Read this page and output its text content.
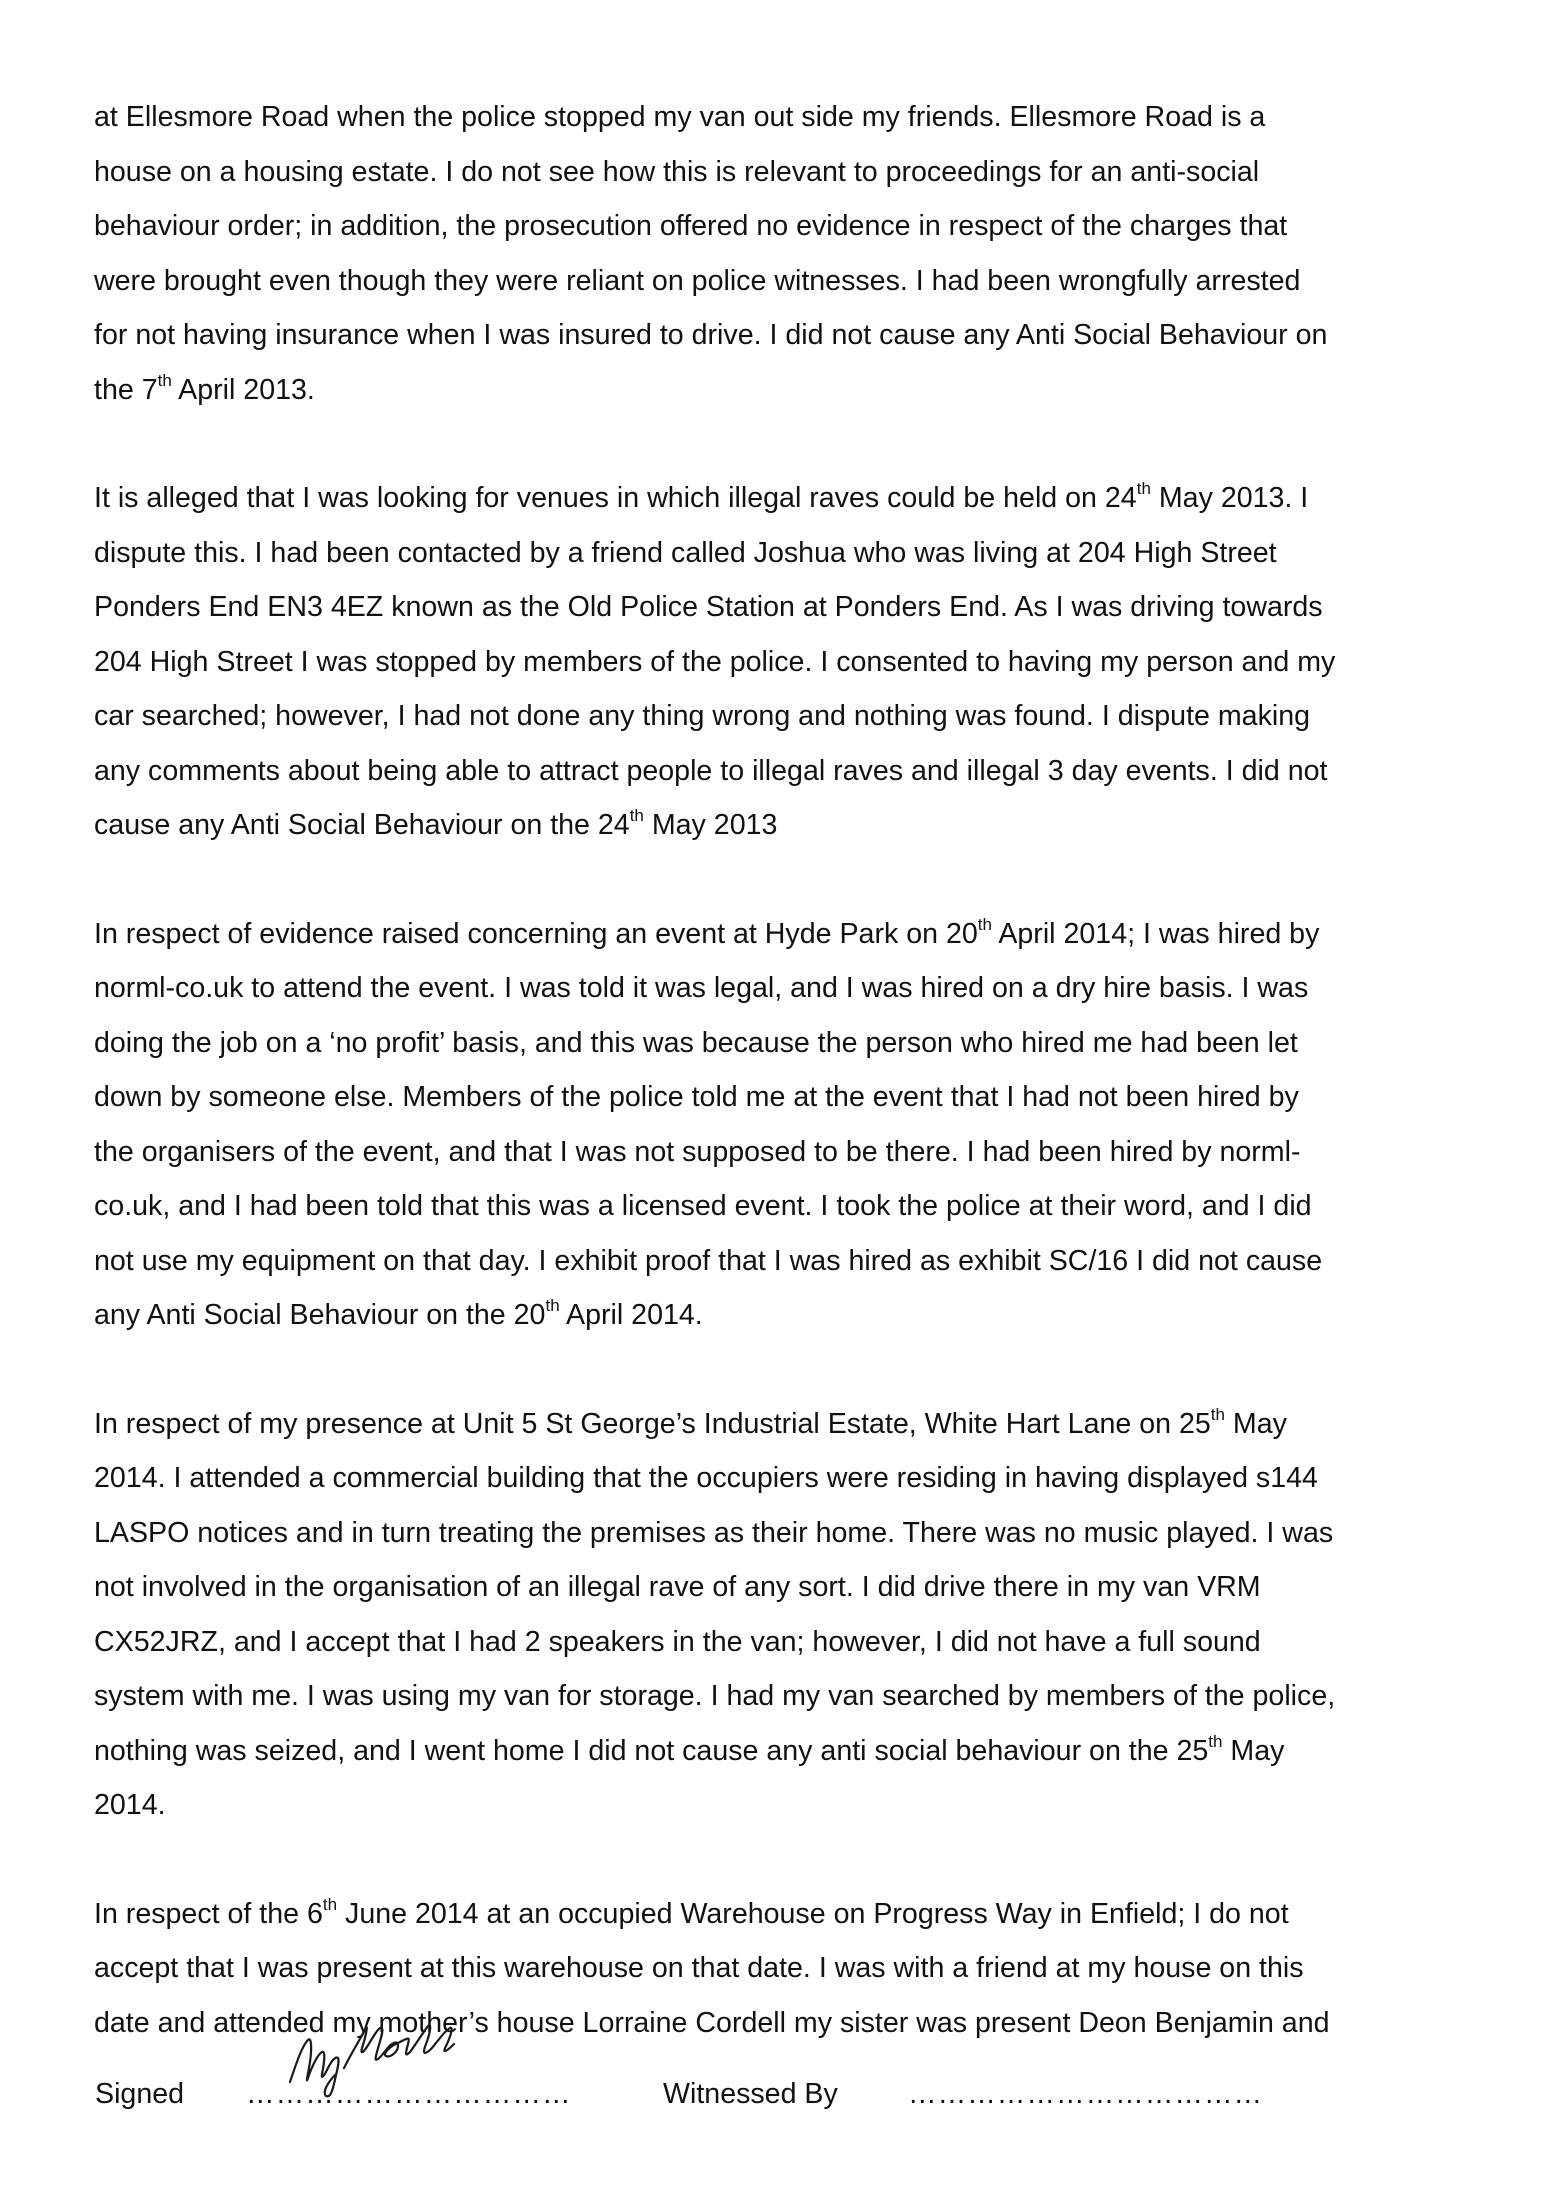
at Ellesmore Road when the police stopped my van out side my friends. Ellesmore Road is a
house on a housing estate. I do not see how this is relevant to proceedings for an anti-social
behaviour order; in addition, the prosecution offered no evidence in respect of the charges that
were brought even though they were reliant on police witnesses. I had been wrongfully arrested
for not having insurance when I was insured to drive. I did not cause any Anti Social Behaviour on
the 7th April 2013.
It is alleged that I was looking for venues in which illegal raves could be held on 24th May 2013. I
dispute this. I had been contacted by a friend called Joshua who was living at 204 High Street
Ponders End EN3 4EZ known as the Old Police Station at Ponders End. As I was driving towards
204 High Street I was stopped by members of the police. I consented to having my person and my
car searched; however, I had not done any thing wrong and nothing was found. I dispute making
any comments about being able to attract people to illegal raves and illegal 3 day events. I did not
cause any Anti Social Behaviour on the 24th May 2013
In respect of evidence raised concerning an event at Hyde Park on 20th April 2014; I was hired by
norml-co.uk to attend the event. I was told it was legal, and I was hired on a dry hire basis. I was
doing the job on a ‘no profit’ basis, and this was because the person who hired me had been let
down by someone else. Members of the police told me at the event that I had not been hired by
the organisers of the event, and that I was not supposed to be there. I had been hired by norml-
co.uk, and I had been told that this was a licensed event. I took the police at their word, and I did
not use my equipment on that day. I exhibit proof that I was hired as exhibit SC/16 I did not cause
any Anti Social Behaviour on the 20th April 2014.
In respect of my presence at Unit 5 St George’s Industrial Estate, White Hart Lane on 25th May
2014. I attended a commercial building that the occupiers were residing in having displayed s144
LASPO notices and in turn treating the premises as their home. There was no music played. I was
not involved in the organisation of an illegal rave of any sort. I did drive there in my van VRM
CX52JRZ, and I accept that I had 2 speakers in the van; however, I did not have a full sound
system with me. I was using my van for storage. I had my van searched by members of the police,
nothing was seized, and I went home I did not cause any anti social behaviour on the 25th May
2014.
In respect of the 6th June 2014 at an occupied Warehouse on Progress Way in Enfield; I do not
accept that I was present at this warehouse on that date. I was with a friend at my house on this
date and attended my mother’s house Lorraine Cordell my sister was present Deon Benjamin and
Signed ……………………………	Witnessed By ………………………………
